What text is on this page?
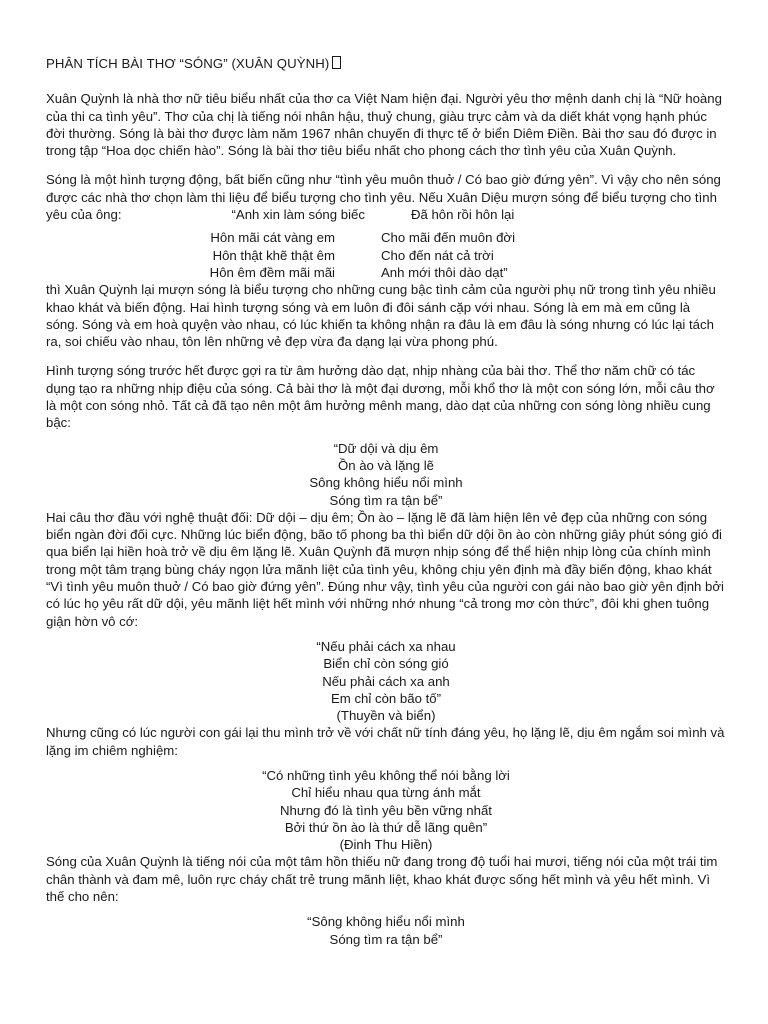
PHÂN TÍCH BÀI THƠ “SÓNG” (XUÂN QUỲNH)

Xuân Quỳnh là nhà thơ nữ tiêu biểu nhất của thơ ca Việt Nam hiện đại. Người yêu thơ mệnh danh chị là “Nữ hoàng của thi ca tình yêu”. Thơ của chị là tiếng nói nhân hậu, thuỷ chung, giàu trực cảm và da diết khát vọng hạnh phúc đời thường. Sóng là bài thơ được làm năm 1967 nhân chuyến đi thực tế ở biển Diêm Điền. Bài thơ sau đó được in trong tập “Hoa dọc chiến hào”. Sóng là bài thơ tiêu biểu nhất cho phong cách thơ tình yêu của Xuân Quỳnh.

Sóng là một hình tượng động, bất biến cũng như “tình yêu muôn thuở / Có bao giờ đứng yên”. Vì vậy cho nên sóng được các nhà thơ chọn làm thi liệu để biểu tượng cho tình yêu. Nếu Xuân Diệu mượn sóng để biểu tượng cho tình yêu của ông:	“Anh xin làm sóng biếc	Đã hôn rồi hôn lại

Hôn mãi cát vàng em	Cho mãi đến muôn đời
Hôn thật khẽ thật êm	Cho đến nát cả trời
Hôn êm đềm mãi mãi	Anh mới thôi dào dạt”

thì Xuân Quỳnh lại mượn sóng là biểu tượng cho những cung bậc tình cảm của người phụ nữ trong tình yêu nhiều khao khát và biến động. Hai hình tượng sóng và em luôn đi đôi sánh cặp với nhau. Sóng là em mà em cũng là sóng. Sóng và em hoà quyện vào nhau, có lúc khiến ta không nhận ra đâu là em đâu là sóng nhưng có lúc lại tách ra, soi chiếu vào nhau, tôn lên những vẻ đẹp vừa đa dạng lại vừa phong phú.

Hình tượng sóng trước hết được gợi ra từ âm hưởng dào dạt, nhịp nhàng của bài thơ. Thể thơ năm chữ có tác dụng tạo ra những nhịp điệu của sóng. Cả bài thơ là một đại dương, mỗi khổ thơ là một con sóng lớn, mỗi câu thơ là một con sóng nhỏ. Tất cả đã tạo nên một âm hưởng mênh mang, dào dạt của những con sóng lòng nhiều cung bậc:

“Dữ dội và dịu êm
Ồn ào và lặng lẽ
Sông không hiểu nổi mình
Sóng tìm ra tận bể”

Hai câu thơ đầu với nghệ thuật đối: Dữ dội – dịu êm; Ồn ào – lặng lẽ đã làm hiện lên vẻ đẹp của những con sóng biển ngàn đời đối cực. Những lúc biển động, bão tố phong ba thì biển dữ dội ồn ào còn những giây phút sóng gió đi qua biển lại hiền hoà trở về dịu êm lặng lẽ. Xuân Quỳnh đã mượn nhịp sóng để thể hiện nhịp lòng của chính mình trong một tâm trạng bùng cháy ngọn lửa mãnh liệt của tình yêu, không chịu yên định mà đầy biến động, khao khát “Vì tình yêu muôn thuở / Có bao giờ đứng yên”. Đúng như vậy, tình yêu của người con gái nào bao giờ yên định bởi có lúc họ yêu rất dữ dội, yêu mãnh liệt hết mình với những nhớ nhung “cả trong mơ còn thức”, đôi khi ghen tuông giận hờn vô cớ:

“Nếu phải cách xa nhau
Biển chỉ còn sóng gió
Nếu phải cách xa anh
Em chỉ còn bão tố”
(Thuyền và biển)

Nhưng cũng có lúc người con gái lại thu mình trở về với chất nữ tính đáng yêu, họ lặng lẽ, dịu êm ngắm soi mình và lặng im chiêm nghiệm:

“Có những tình yêu không thể nói bằng lời
Chỉ hiểu nhau qua từng ánh mắt
Nhưng đó là tình yêu bền vững nhất
Bởi thứ ồn ào là thứ dễ lãng quên”
(Đinh Thu Hiền)

Sóng của Xuân Quỳnh là tiếng nói của một tâm hồn thiếu nữ đang trong độ tuổi hai mươi, tiếng nói của một trái tim chân thành và đam mê, luôn rực cháy chất trẻ trung mãnh liệt, khao khát được sống hết mình và yêu hết mình. Vì thế cho nên:

“Sông không hiểu nổi mình
Sóng tìm ra tận bể”
